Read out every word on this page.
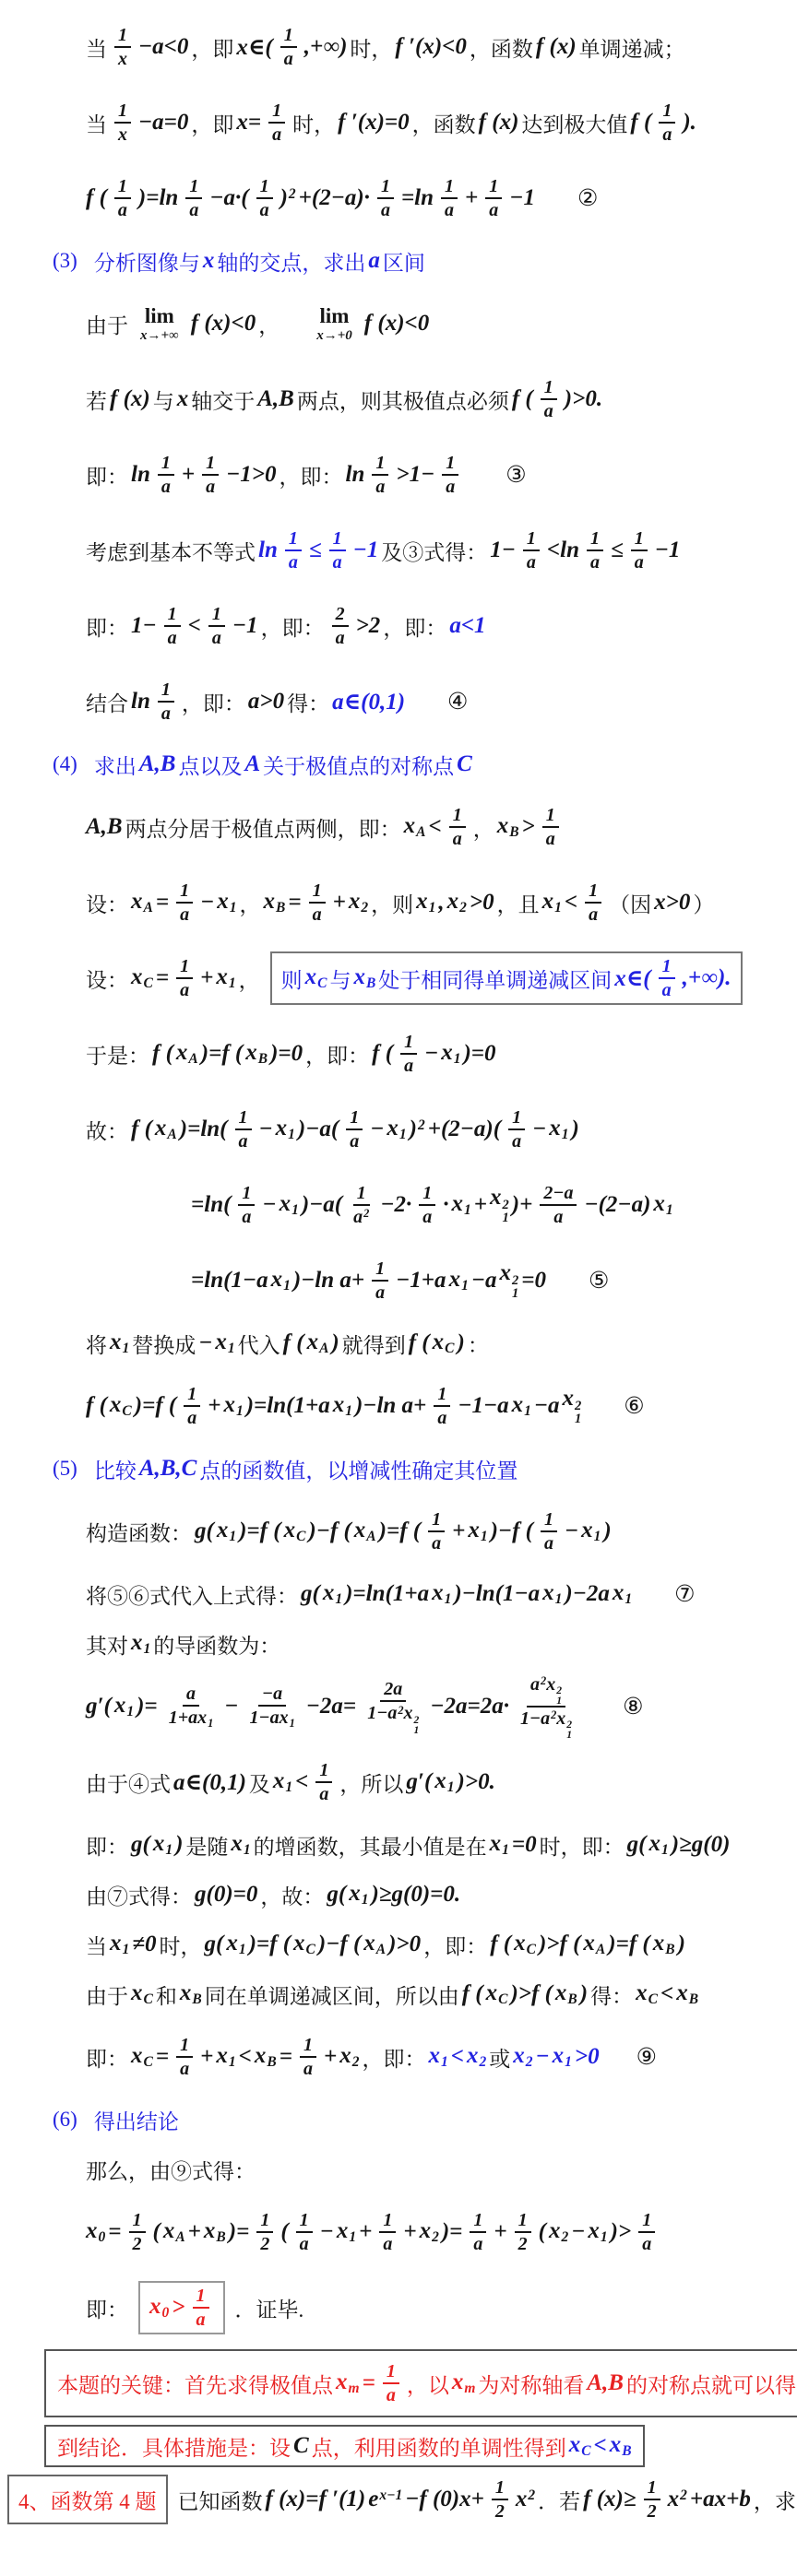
当 $\frac{1}{x} -a<0$ ，即 x∈( $\frac{1}{a}$ ,+∞) 时， f ′(x)<0 ，函数 f (x) 单调递减；
当 $\frac{1}{x} -a=0$ ，即 $x= \frac{1}{a}$ 时， f ′(x)=0 ，函数 f (x) 达到极大值 f ( $\frac{1}{a}$ ).
f ( $\frac{1}{a} )=\ln \frac{1}{a} -a\cdot( \frac{1}{a} )^2 +(2-a)\cdot \frac{1}{a} =\ln \frac{1}{a} + \frac{1}{a} -1$ ②
(3) 分析图像与 x 轴的交点，求出 a 区间
由于 lim
x→+∞ f (x)<0 ， lim
x→+0 f (x)<0
若 f (x) 与 x 轴交于 A,B 两点，则其极值点必须 f ( $\frac{1}{a} )>0$.
即： $\ln \frac{1}{a} + \frac{1}{a} -1>0$ ，即： $\ln \frac{1}{a} >1- \frac{1}{a}$ ③
考虑到基本不等式 $\ln \frac{1}{a} \le \frac{1}{a} -1$ 及③式得： $1- \frac{1}{a} <\ln \frac{1}{a} \le \frac{1}{a} -1$
即： $1- \frac{1}{a} < \frac{1}{a} -1$ ，即： $\frac{2}{a} >2$ ，即： a<1
结合 $\ln \frac{1}{a}$ ，即： a>0 得： a∈(0,1) ④
(4) 求出 A,B 点以及 A 关于极值点的对称点 C
A,B 两点分居于极值点两侧，即： xA < $\frac{1}{a}$ ， xB > $\frac{1}{a}$
设： xA = $\frac{1}{a} - x1$ ， xB = $\frac{1}{a} + x2$ ，则 x1 , x2 >0 ，且 $x1 < \frac{1}{a}$ （因 x>0 ）
设： xC = $\frac{1}{a} + x1$ ， 则 xC 与 xB 处于相同得单调递减区间 x∈( $\frac{1}{a}$ ,+∞).
于是： f ( xA )=f ( xB )=0 ，即： f ( $\frac{1}{a} - x1$ )=0
故： f ( xA )$=\ln( \frac{1}{a} - x1$ )$-a( \frac{1}{a} - x1$ )$^2 +(2-a)( \frac{1}{a} - x1$ )
$=\ln( \frac{1}{a} - x1$ )$-a( \frac{1}{a^2} -2\cdot \frac{1}{a} \cdot x1 + x$ 2
1
)+ $\frac{2-a}{a} -(2-a)$ x1
=ln(1−a x1 )−ln $a+ \frac{1}{a} -1+a$ x1 −a x 2
1
=0 ⑤
将 x1 替换成 − x1 代入 f ( xA ) 就得到 f ( xC ) ：
f ( xC )=f ( $\frac{1}{a} + x1$ )=ln(1+a x1 )−ln $a+ \frac{1}{a} -1-a$ x1 −a x 2
1
⑥
(5) 比较 A,B,C 点的函数值，以增减性确定其位置
构造函数： g( x1 )=f ( xC )−f ( xA )=f ( $\frac{1}{a} + x1$ )−f ( $\frac{1}{a} - x1$ )
将⑤⑥式代入上式得： g( x1 )=ln(1+a x1 )−ln(1−a x1 )−2a x1 ⑦
其对 x1 的导函数为：
g′( x1 )= $\frac{a}{1+ax1} - \frac{-a}{1-ax1} -2a= 2a$
$1-a^2x$ 2
$1 -2a=2a\cdot a^2x$ 2
1
$1-a^2x$ 2
1 ⑧
由于④式 a∈(0,1) 及 $x1 < \frac{1}{a}$ ，所以 g′( x1 )>0.
即： g( x1 ) 是随 x1 的增函数，其最小值是在 x1 =0 时，即： g( x1 )≥g(0)
由⑦式得： g(0)=0 ，故： g( x1 )≥g(0)=0.
当 x1 ≠0 时， g( x1 )=f ( xC )−f ( xA )>0 ，即： f ( xC )>f ( xA )=f ( xB )
由于 xC 和 xB 同在单调递减区间，所以由 f ( xC )>f ( xB ) 得： xC < xB
即： xC = $\frac{1}{a} + x1$ < xB = $\frac{1}{a} + x2$ ，即： x1 < x2 或 x2 − x1 >0 ⑨
(6) 得出结论
那么，由⑨式得：
$x0 = \frac{1}{2}$ ( xA + xB )= $\frac{1}{2}$ ( $\frac{1}{a} - x1 + \frac{1}{a} + x2$ )= $\frac{1}{a} + \frac{1}{2}$ ( x2 − x1 )> $\frac{1}{a}$
即： $x0 > \frac{1}{a}$ ．证毕.
本题的关键：首先求得极值点 xm = $\frac{1}{a}$ ，以 xm 为对称轴看 A,B 的对称点就可以得
到结论．具体措施是：设 C 点，利用函数的单调性得到 xC < xB
4、函数第 4 题 已知函数 f (x)=f ′(1) $e^{x-1} -f$ $(0)x+ \frac{1}{2} x^2$ ．若 f $(x)\ge \frac{1}{2} x^2 +ax+b$ ，求
